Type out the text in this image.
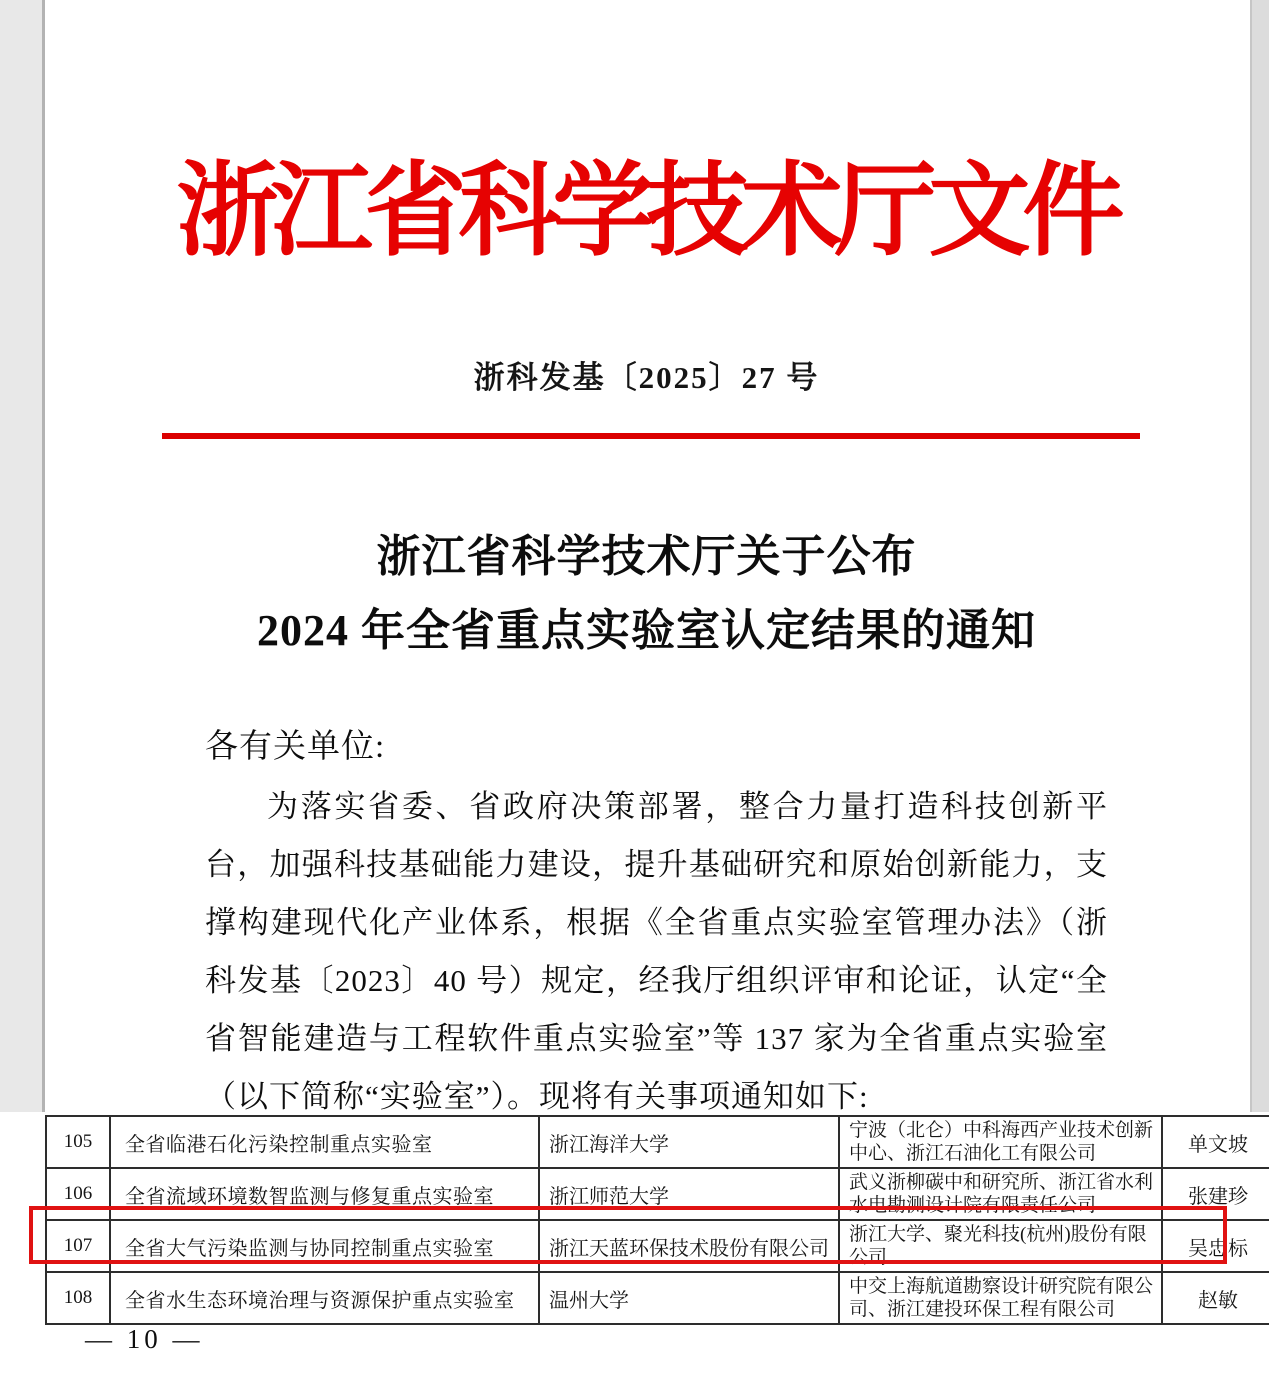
浙江省科学技术厅文件
浙科发基〔2025〕27 号
浙江省科学技术厅关于公布
2024 年全省重点实验室认定结果的通知
各有关单位:
为落实省委、省政府决策部署，整合力量打造科技创新平台，加强科技基础能力建设，提升基础研究和原始创新能力，支撑构建现代化产业体系，根据《全省重点实验室管理办法》（浙科发基〔2023〕40 号）规定，经我厅组织评审和论证，认定“全省智能建造与工程软件重点实验室”等 137 家为全省重点实验室（以下简称“实验室”）。现将有关事项通知如下:
105	全省临港石化污染控制重点实验室	浙江海洋大学	宁波（北仑）中科海西产业技术创新中心、浙江石油化工有限公司	单文坡
106	全省流域环境数智监测与修复重点实验室	浙江师范大学	武义浙柳碳中和研究所、浙江省水利水电勘测设计院有限责任公司	张建珍
107	全省大气污染监测与协同控制重点实验室	浙江天蓝环保技术股份有限公司	浙江大学、聚光科技(杭州)股份有限公司	吴忠标
108	全省水生态环境治理与资源保护重点实验室	温州大学	中交上海航道勘察设计研究院有限公司、浙江建投环保工程有限公司	赵敏
— 10 —
